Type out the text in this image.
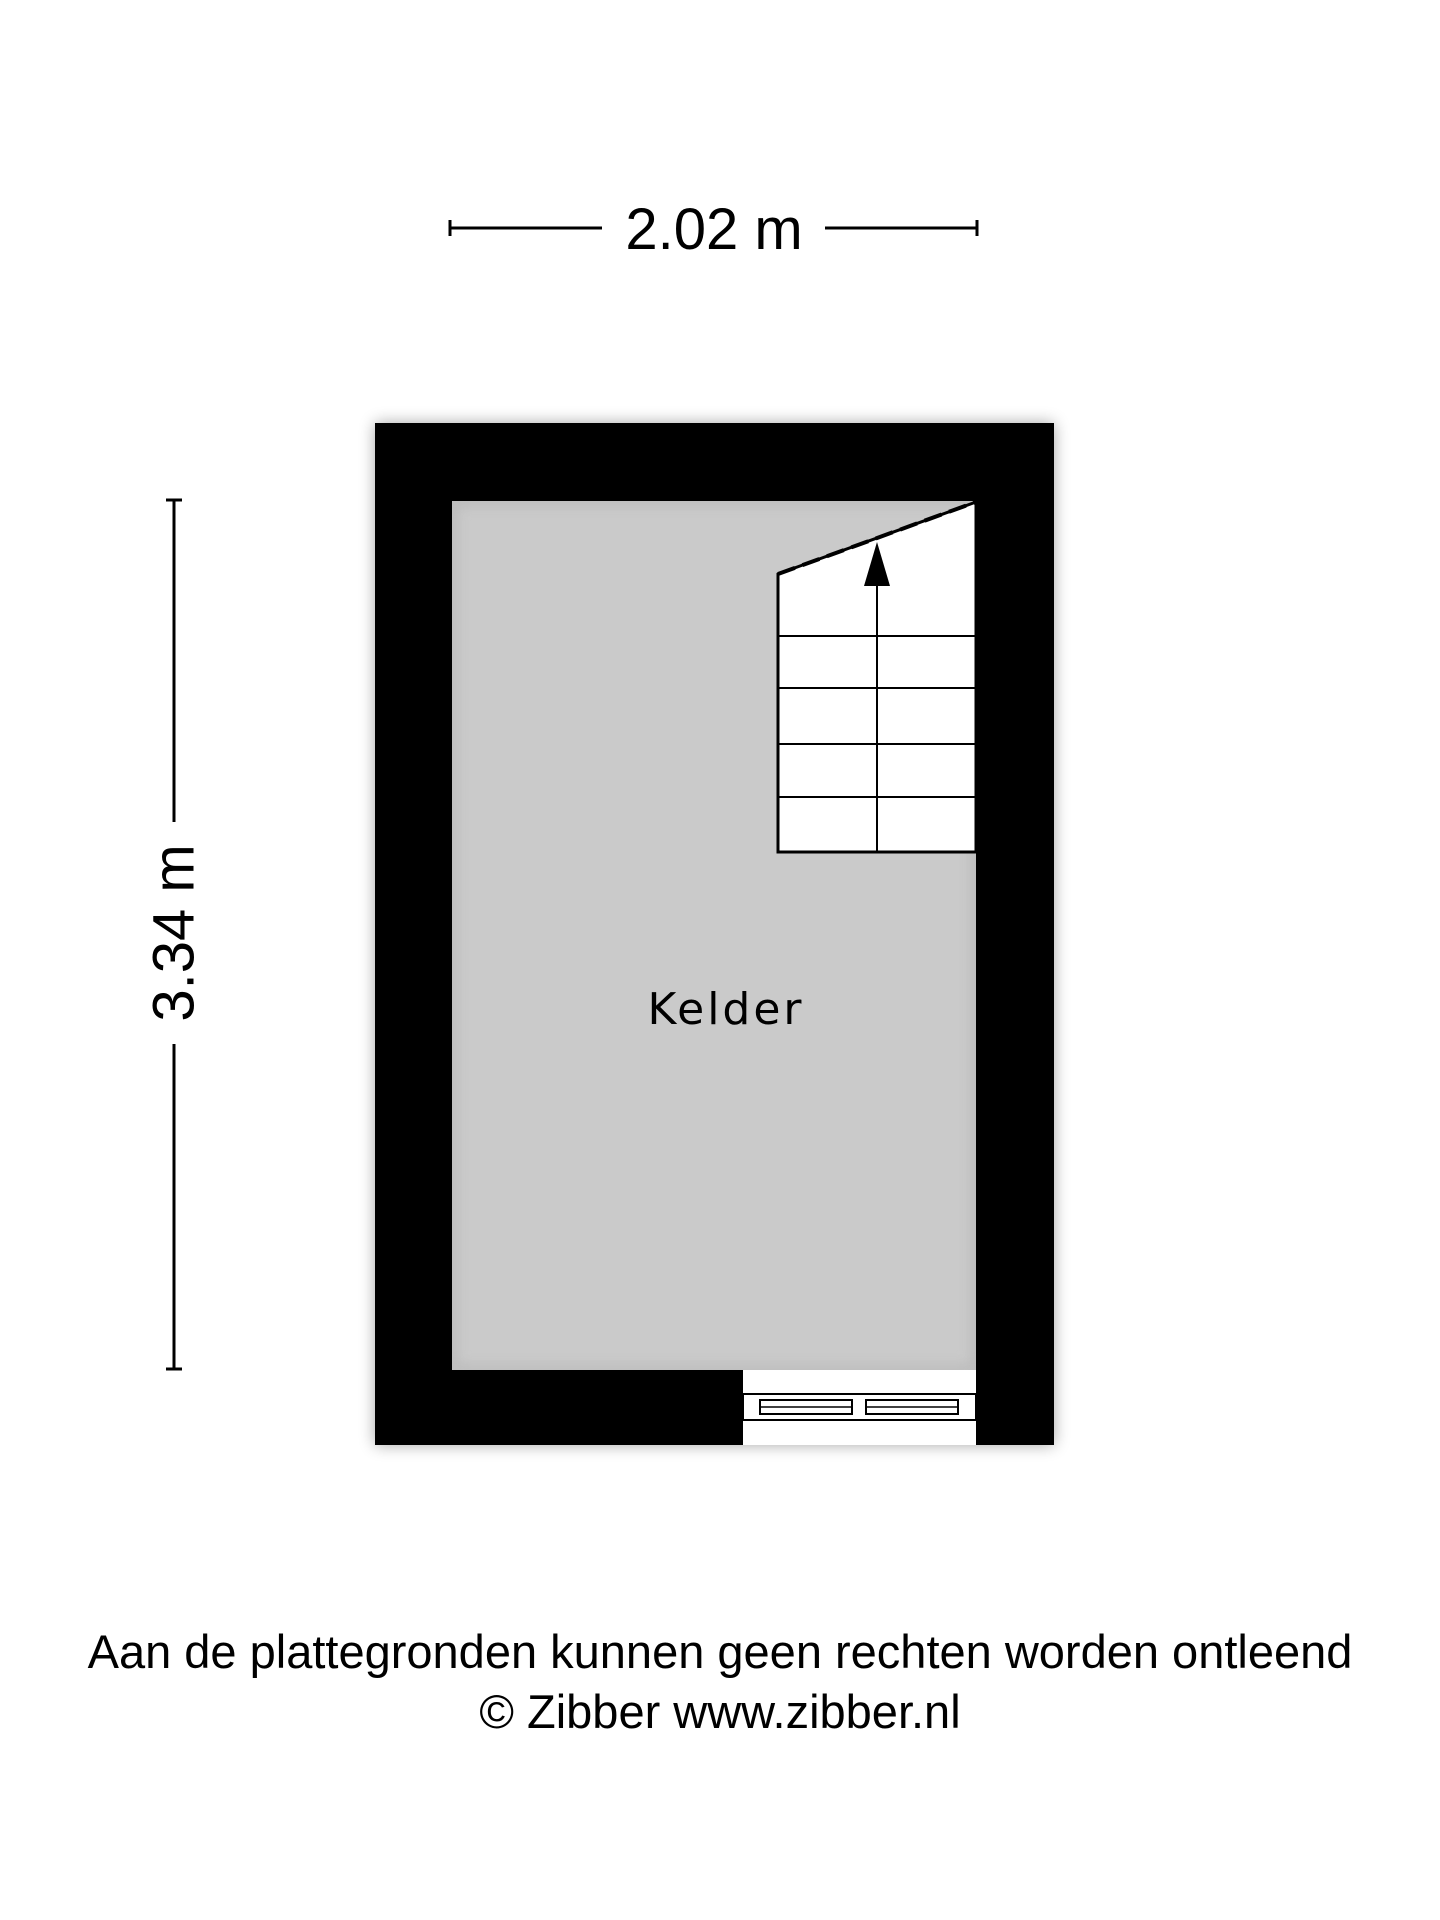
2.02 m
3.34 m	Kelder
Aan de plattegronden kunnen geen rechten worden ontleend
© Zibber www.zibber.nl
